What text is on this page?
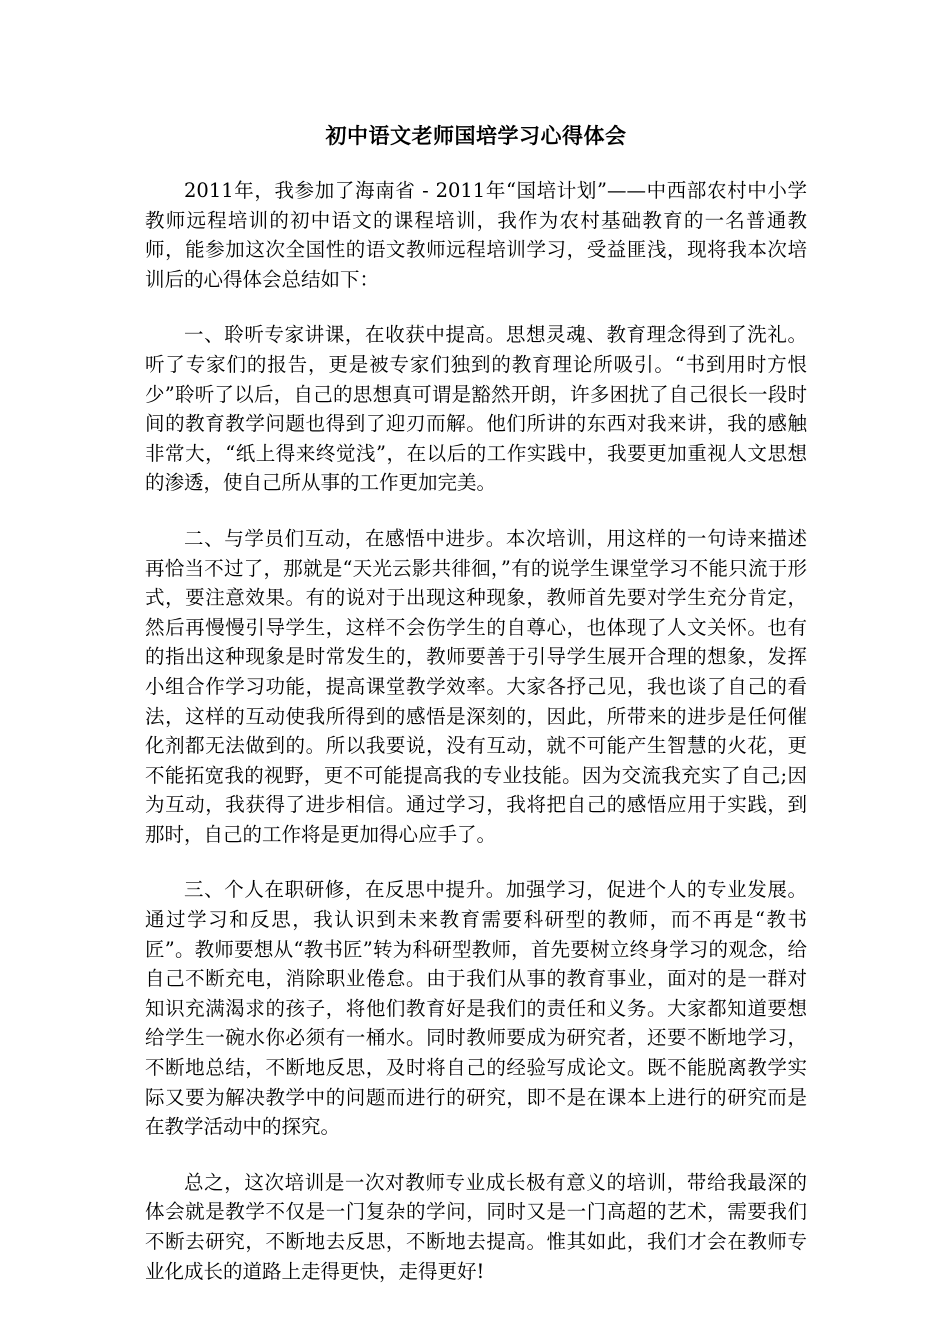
初中语文老师国培学习心得体会

2011年，我参加了海南省 - 2011年“国培计划”——中西部农村中小学教师远程培训的初中语文的课程培训，我作为农村基础教育的一名普通教师，能参加这次全国性的语文教师远程培训学习，受益匪浅，现将我本次培训后的心得体会总结如下：

一、聆听专家讲课，在收获中提高。思想灵魂、教育理念得到了洗礼。听了专家们的报告，更是被专家们独到的教育理论所吸引。“书到用时方恨少”聆听了以后，自己的思想真可谓是豁然开朗，许多困扰了自己很长一段时间的教育教学问题也得到了迎刃而解。他们所讲的东西对我来讲，我的感触非常大，“纸上得来终觉浅”，在以后的工作实践中，我要更加重视人文思想的渗透，使自己所从事的工作更加完美。

二、与学员们互动，在感悟中进步。本次培训，用这样的一句诗来描述再恰当不过了，那就是“天光云影共徘徊，”有的说学生课堂学习不能只流于形式，要注意效果。有的说对于出现这种现象，教师首先要对学生充分肯定，然后再慢慢引导学生，这样不会伤学生的自尊心，也体现了人文关怀。也有的指出这种现象是时常发生的，教师要善于引导学生展开合理的想象，发挥小组合作学习功能，提高课堂教学效率。大家各抒己见，我也谈了自己的看法，这样的互动使我所得到的感悟是深刻的，因此，所带来的进步是任何催化剂都无法做到的。所以我要说，没有互动，就不可能产生智慧的火花，更不能拓宽我的视野，更不可能提高我的专业技能。因为交流我充实了自己;因为互动，我获得了进步相信。通过学习，我将把自己的感悟应用于实践，到那时，自己的工作将是更加得心应手了。

三、个人在职研修，在反思中提升。加强学习，促进个人的专业发展。通过学习和反思，我认识到未来教育需要科研型的教师，而不再是“教书匠”。教师要想从“教书匠”转为科研型教师，首先要树立终身学习的观念，给自己不断充电，消除职业倦怠。由于我们从事的教育事业，面对的是一群对知识充满渴求的孩子，将他们教育好是我们的责任和义务。大家都知道要想给学生一碗水你必须有一桶水。同时教师要成为研究者，还要不断地学习，不断地总结，不断地反思，及时将自己的经验写成论文。既不能脱离教学实际又要为解决教学中的问题而进行的研究，即不是在课本上进行的研究而是在教学活动中的探究。

总之，这次培训是一次对教师专业成长极有意义的培训，带给我最深的体会就是教学不仅是一门复杂的学问，同时又是一门高超的艺术，需要我们不断去研究，不断地去反思，不断地去提高。惟其如此，我们才会在教师专业化成长的道路上走得更快，走得更好!
